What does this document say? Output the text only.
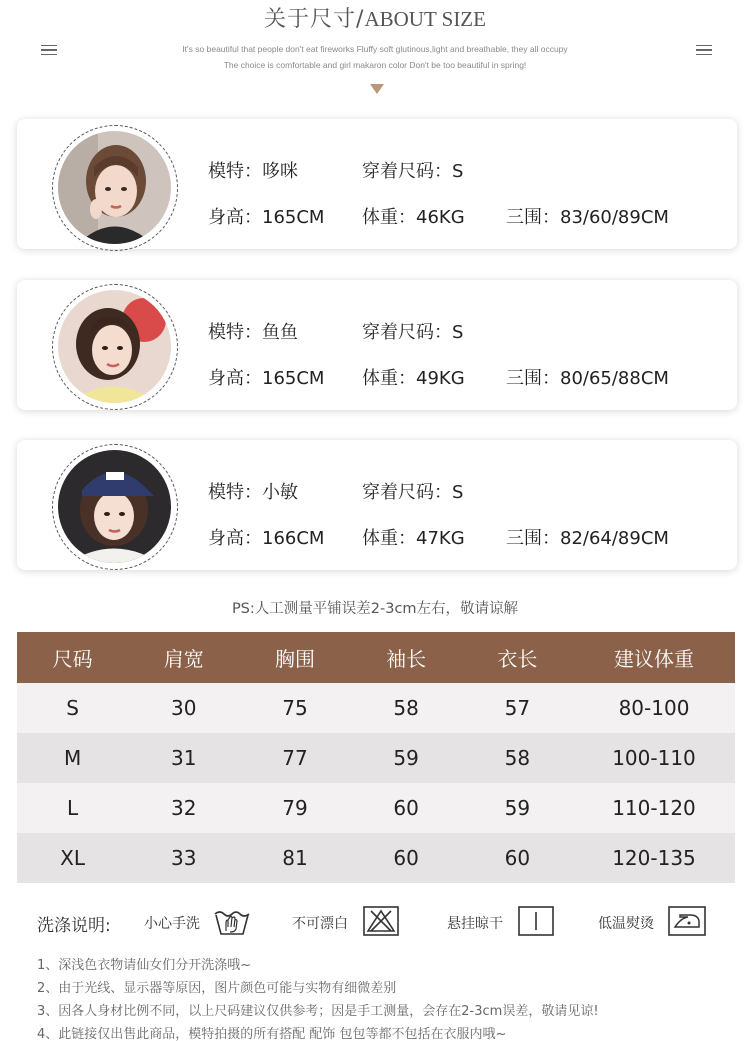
关于尺寸/ABOUT SIZE
It's so beautiful that people don't eat fireworks Fluffy soft glutinous,light and breathable, they all occupy
The choice is comfortable and girl makaron color Don't be too beautiful in spring!
模特：哆咪	穿着尺码：S
身高：165CM 体重：46KG 三围：83/60/89CM
模特：鱼鱼	穿着尺码：S
身高：165CM 体重：49KG 三围：80/65/88CM
模特：小敏	穿着尺码：S
身高：166CM 体重：47KG 三围：82/64/89CM
PS:人工测量平铺误差2-3cm左右，敬请谅解
尺码	肩宽	胸围	袖长	衣长	建议体重
S	30	75	58	57	80-100
M	31	77	59	58	100-110
L	32	79	60	59	110-120
XL	33	81	60	60	120-135
洗涤说明: 小心手洗	不可漂白	悬挂晾干	低温熨烫
1、深浅色衣物请仙女们分开洗涤哦~
2、由于光线、显示器等原因，图片颜色可能与实物有细微差别
3、因各人身材比例不同，以上尺码建议仅供参考；因是手工测量，会存在2-3cm误差，敬请见谅!
4、此链接仅出售此商品，模特拍摄的所有搭配 配饰 包包等都不包括在衣服内哦~
